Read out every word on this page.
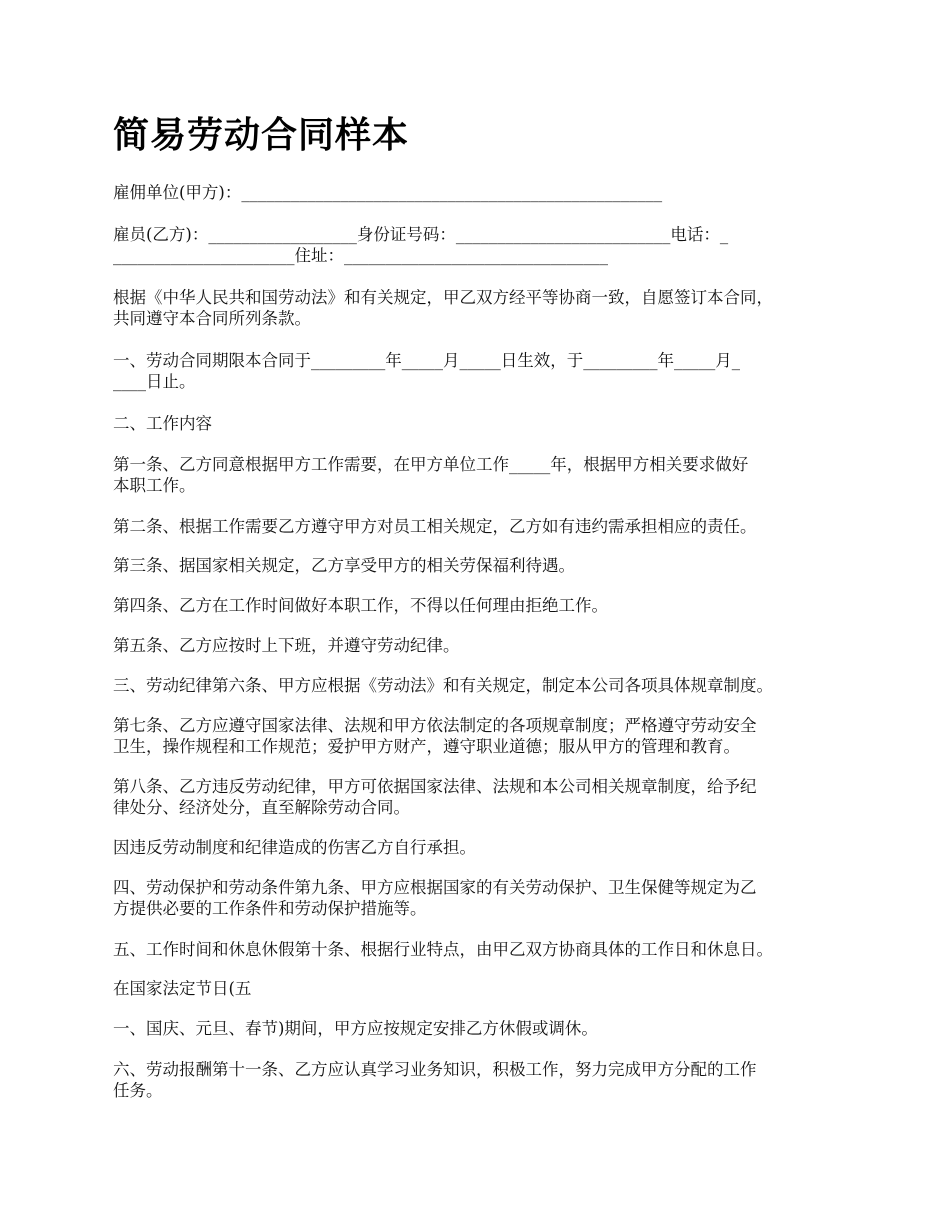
简易劳动合同样本

雇佣单位(甲方)：___________________________________________________

雇员(乙方)：__________________身份证号码：__________________________电话：_
______________________住址：________________________________

根据《中华人民共和国劳动法》和有关规定，甲乙双方经平等协商一致，自愿签订本合同，
共同遵守本合同所列条款。

一、劳动合同期限本合同于_________年_____月_____日生效，于_________年_____月_
____日止。

二、工作内容

第一条、乙方同意根据甲方工作需要，在甲方单位工作_____年，根据甲方相关要求做好
本职工作。

第二条、根据工作需要乙方遵守甲方对员工相关规定，乙方如有违约需承担相应的责任。

第三条、据国家相关规定，乙方享受甲方的相关劳保福利待遇。

第四条、乙方在工作时间做好本职工作，不得以任何理由拒绝工作。

第五条、乙方应按时上下班，并遵守劳动纪律。

三、劳动纪律第六条、甲方应根据《劳动法》和有关规定，制定本公司各项具体规章制度。

第七条、乙方应遵守国家法律、法规和甲方依法制定的各项规章制度；严格遵守劳动安全
卫生，操作规程和工作规范；爱护甲方财产，遵守职业道德；服从甲方的管理和教育。

第八条、乙方违反劳动纪律，甲方可依据国家法律、法规和本公司相关规章制度，给予纪
律处分、经济处分，直至解除劳动合同。

因违反劳动制度和纪律造成的伤害乙方自行承担。

四、劳动保护和劳动条件第九条、甲方应根据国家的有关劳动保护、卫生保健等规定为乙
方提供必要的工作条件和劳动保护措施等。

五、工作时间和休息休假第十条、根据行业特点，由甲乙双方协商具体的工作日和休息日。

在国家法定节日(五

一、国庆、元旦、春节)期间，甲方应按规定安排乙方休假或调休。

六、劳动报酬第十一条、乙方应认真学习业务知识，积极工作，努力完成甲方分配的工作
任务。
